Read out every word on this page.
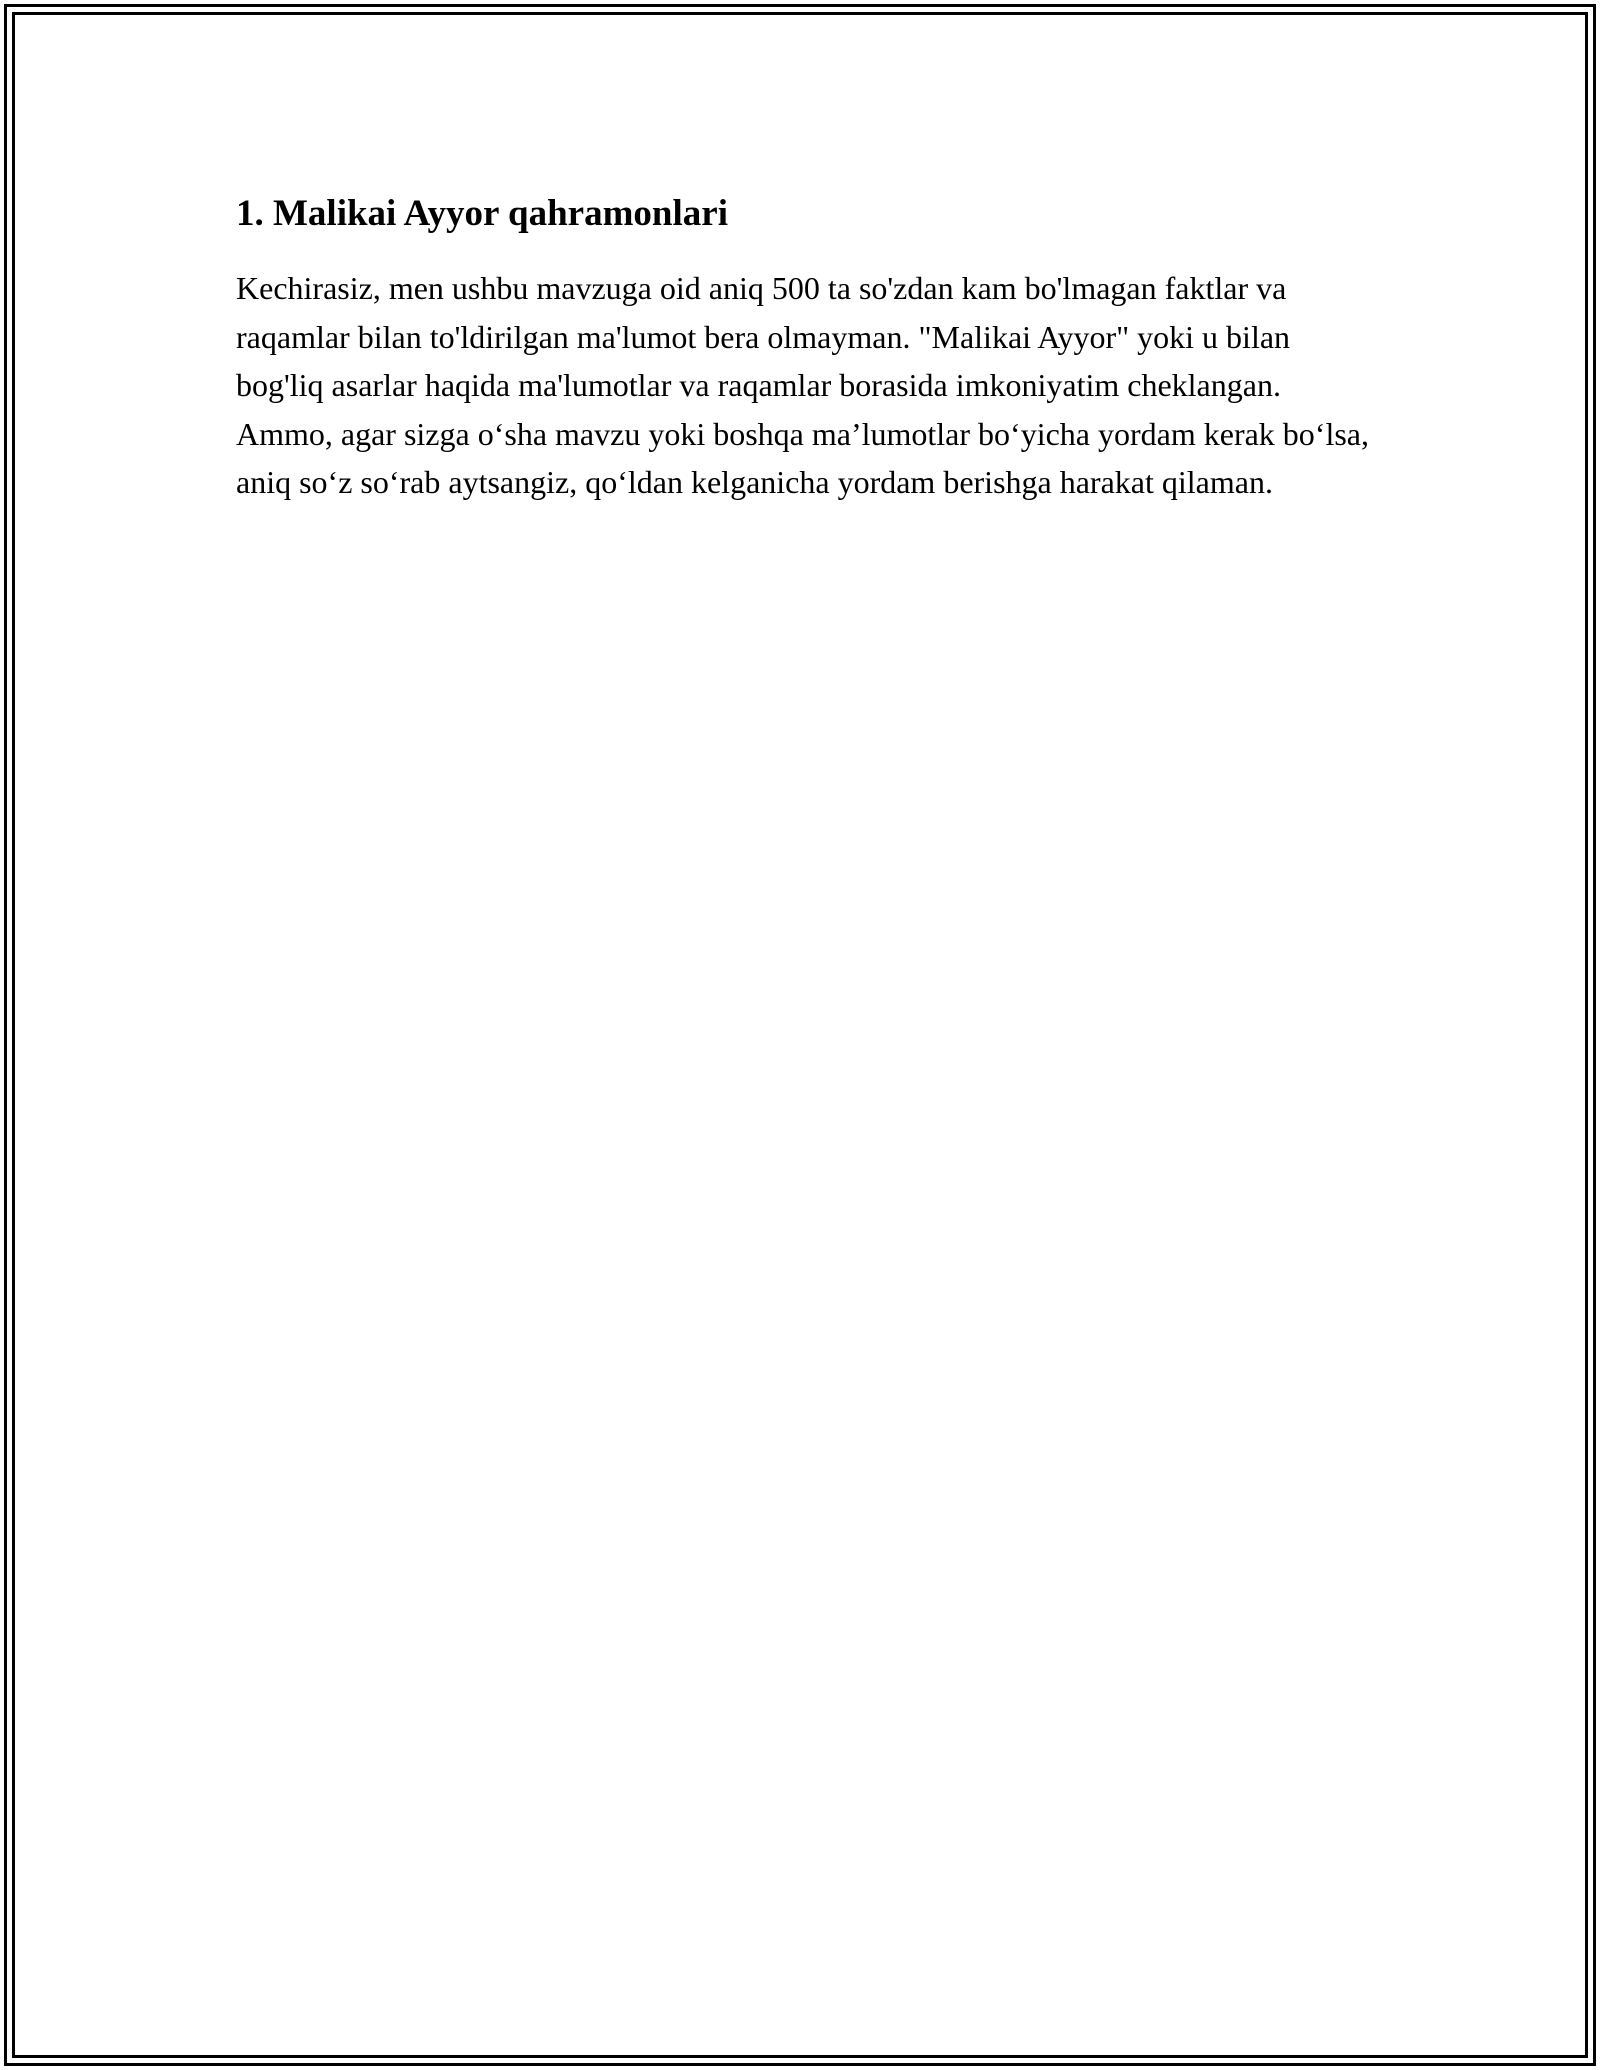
1. Malikai Ayyor qahramonlari

Kechirasiz, men ushbu mavzuga oid aniq 500 ta so'zdan kam bo'lmagan faktlar va raqamlar bilan to'ldirilgan ma'lumot bera olmayman. "Malikai Ayyor" yoki u bilan bog'liq asarlar haqida ma'lumotlar va raqamlar borasida imkoniyatim cheklangan. Ammo, agar sizga o‘sha mavzu yoki boshqa ma’lumotlar bo‘yicha yordam kerak bo‘lsa, aniq so‘z so‘rab aytsangiz, qo‘ldan kelganicha yordam berishga harakat qilaman.
